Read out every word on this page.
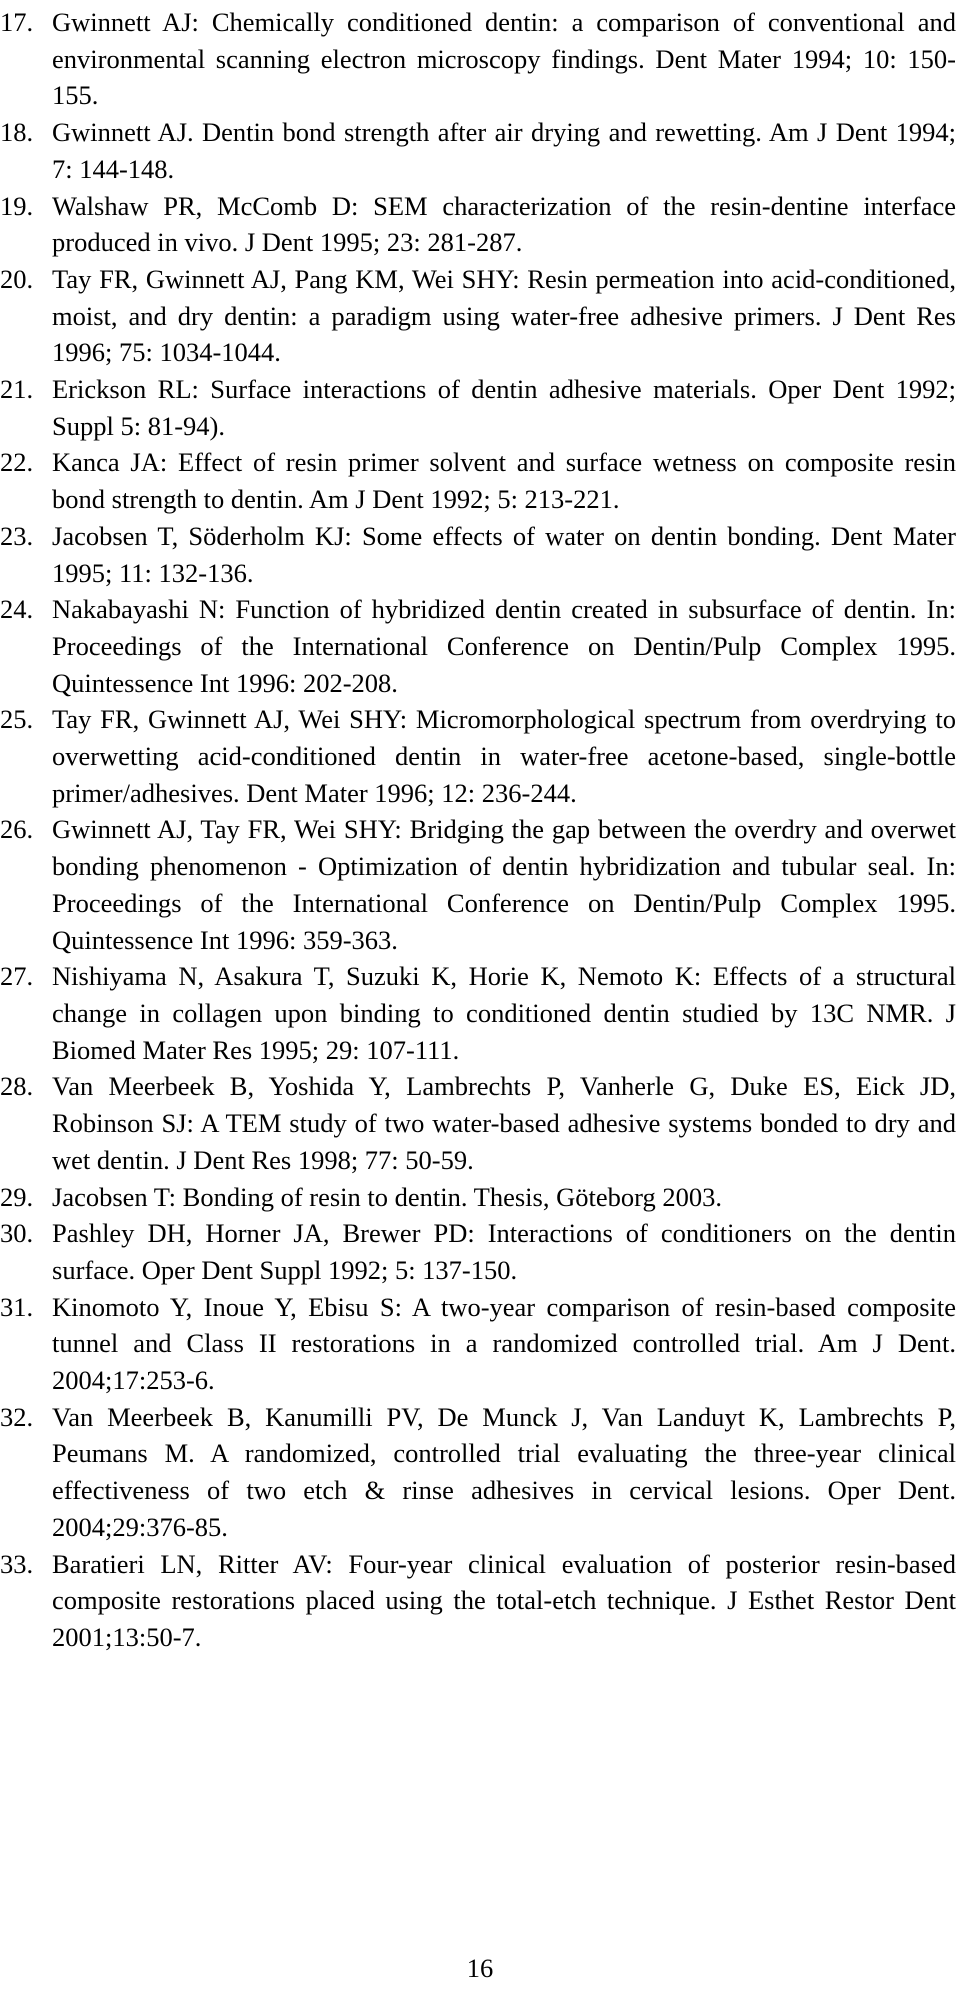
17. Gwinnett AJ: Chemically conditioned dentin: a comparison of conventional and environmental scanning electron microscopy findings. Dent Mater 1994; 10: 150-155.
18. Gwinnett AJ. Dentin bond strength after air drying and rewetting. Am J Dent 1994; 7: 144-148.
19. Walshaw PR, McComb D: SEM characterization of the resin-dentine interface produced in vivo. J Dent 1995; 23: 281-287.
20. Tay FR, Gwinnett AJ, Pang KM, Wei SHY: Resin permeation into acid-conditioned, moist, and dry dentin: a paradigm using water-free adhesive primers. J Dent Res 1996; 75: 1034-1044.
21. Erickson RL: Surface interactions of dentin adhesive materials. Oper Dent 1992; Suppl 5: 81-94).
22. Kanca JA: Effect of resin primer solvent and surface wetness on composite resin bond strength to dentin. Am J Dent 1992; 5: 213-​221.
23. Jacobsen T, Söderholm KJ: Some effects of water on dentin bonding. Dent Mater 1995; 11: 132-136.
24. Nakabayashi N: Function of hybridized dentin created in subsurface of dentin. In: Proceedings of the International Conference on Dentin/Pulp Complex 1995. Quintessence Int 1996: 202-208.
25. Tay FR, Gwinnett AJ, Wei SHY: Micromorphological spectrum from overdrying to overwetting acid-conditioned dentin in water-​free acetone-based, single-bottle primer/adhesives. Dent Mater 1996; 12: 236-244.
26. Gwinnett AJ, Tay FR, Wei SHY: Bridging the gap between the overdry and overwet bonding phenomenon - Optimization of dentin hybridization and tubular seal. In: Proceedings of the International Conference on Dentin/Pulp Complex 1995. Quintessence Int 1996: 359-363.
27. Nishiyama N, Asakura T, Suzuki K, Horie K, Nemoto K: Effects of a structural change in collagen upon binding to conditioned dentin studied by 13C NMR. J Biomed Mater Res 1995; 29: 107-111.
28. Van Meerbeek B, Yoshida Y, Lambrechts P, Vanherle G, Duke ES, Eick JD, Robinson SJ: A TEM study of two water-based adhesive systems bonded to dry and wet dentin. J Dent Res 1998; 77: 50-59.
29. Jacobsen T: Bonding of resin to dentin. Thesis, Göteborg 2003.
30. Pashley DH, Horner JA, Brewer PD: Interactions of conditioners on the dentin surface. Oper Dent Suppl 1992; 5: 137-150.
31. Kinomoto Y, Inoue Y, Ebisu S: A two-year comparison of resin-​based composite tunnel and Class II restorations in a randomized controlled trial. Am J Dent. 2004;17:253-6.
32. Van Meerbeek B, Kanumilli PV, De Munck J, Van Landuyt K, Lambrechts P, Peumans M. A randomized, controlled trial evaluating the three-year clinical effectiveness of two etch & rinse adhesives in cervical lesions. Oper Dent. 2004;29:376-85.
33. Baratieri LN, Ritter AV: Four-year clinical evaluation of posterior resin-based composite restorations placed using the total-etch technique. J Esthet Restor Dent 2001;13:50-7.
16
